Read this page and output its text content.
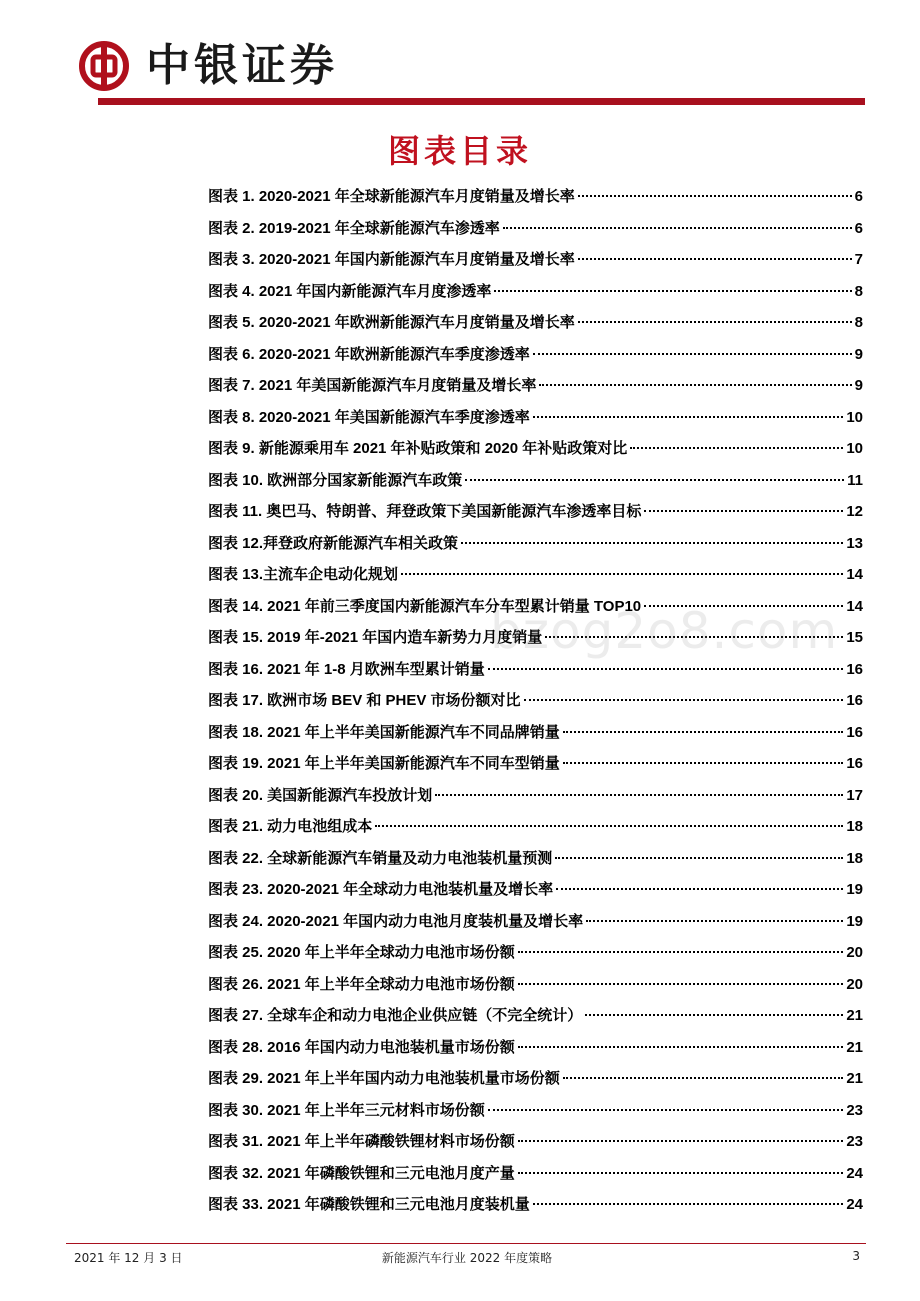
中银证券
图表目录
图表 1. 2020-2021 年全球新能源汽车月度销量及增长率	6
图表 2. 2019-2021 年全球新能源汽车渗透率	6
图表 3. 2020-2021 年国内新能源汽车月度销量及增长率	7
图表 4. 2021 年国内新能源汽车月度渗透率	8
图表 5. 2020-2021 年欧洲新能源汽车月度销量及增长率	8
图表 6. 2020-2021 年欧洲新能源汽车季度渗透率	9
图表 7. 2021 年美国新能源汽车月度销量及增长率	9
图表 8. 2020-2021 年美国新能源汽车季度渗透率	10
图表 9. 新能源乘用车 2021 年补贴政策和 2020 年补贴政策对比	10
图表 10. 欧洲部分国家新能源汽车政策	11
图表 11. 奥巴马、特朗普、拜登政策下美国新能源汽车渗透率目标	12
图表 12.拜登政府新能源汽车相关政策	13
图表 13.主流车企电动化规划	14
图表 14. 2021 年前三季度国内新能源汽车分车型累计销量 TOP10	14
图表 15. 2019 年-2021 年国内造车新势力月度销量	15
图表 16. 2021 年 1-8 月欧洲车型累计销量	16
图表 17. 欧洲市场 BEV 和 PHEV 市场份额对比	16
图表 18. 2021 年上半年美国新能源汽车不同品牌销量	16
图表 19. 2021 年上半年美国新能源汽车不同车型销量	16
图表 20. 美国新能源汽车投放计划	17
图表 21. 动力电池组成本	18
图表 22. 全球新能源汽车销量及动力电池装机量预测	18
图表 23. 2020-2021 年全球动力电池装机量及增长率	19
图表 24. 2020-2021 年国内动力电池月度装机量及增长率	19
图表 25. 2020 年上半年全球动力电池市场份额	20
图表 26. 2021 年上半年全球动力电池市场份额	20
图表 27. 全球车企和动力电池企业供应链（不完全统计）	21
图表 28. 2016 年国内动力电池装机量市场份额	21
图表 29. 2021 年上半年国内动力电池装机量市场份额	21
图表 30. 2021 年上半年三元材料市场份额	23
图表 31. 2021 年上半年磷酸铁锂材料市场份额	23
图表 32. 2021 年磷酸铁锂和三元电池月度产量	24
图表 33. 2021 年磷酸铁锂和三元电池月度装机量	24
bzog2o8.com
2021 年 12 月 3 日	新能源汽车行业 2022 年度策略	3
